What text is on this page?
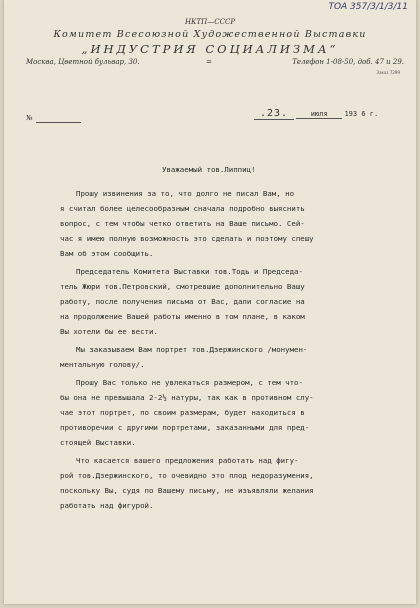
ТОА 357/3/1/3/11
НКТП—СССР
Комитет Всесоюзной Художественной Выставки
„ИНДУСТРИЯ СОЦИАЛИЗМА“
Москва, Цветной бульвар, 30.	=	Телефон 1-08-50, доб. 47 и 29.
Заказ 7299
№	.23.	июля 193 6 г.
Уважаемый тов.Липпиц!
Прошу извинения за то, что долго не писал Вам, но
я считал более целесообразным сначала подробно выяснить
вопрос, с тем чтобы четко ответить на Ваше письмо. Сей-
час я имею полную возможность это сделать и поэтому спешу
Вам об этом сообщить.
Председатель Комитета Выставки тов.Тодь и Председа-
тель Жюри тов.Петровский, смотревшие дополнительно Вашу
работу, после получения письма от Вас, дали согласие на
на продолжение Вашей работы именно в том плане, в каком
Вы хотели бы ее вести.
Мы заказываем Вам портрет тов.Дзержинского /монумен-
ментальную голову/.
Прошу Вас только не увлекаться размером, с тем что-
бы она не превышала 2-2½ натуры, так как в противном слу-
чае этот портрет, по своим размерам, будет находиться в
противоречии с другими портретами, заказанными для пред-
стоящей Выставки.
Что касается вашего предложения работать над фигу-
рой тов.Дзержинского, то очевидно это плод недоразумения,
поскольку Вы, судя по Вашему письму, не изъявляли желания
работать над фигурой.
